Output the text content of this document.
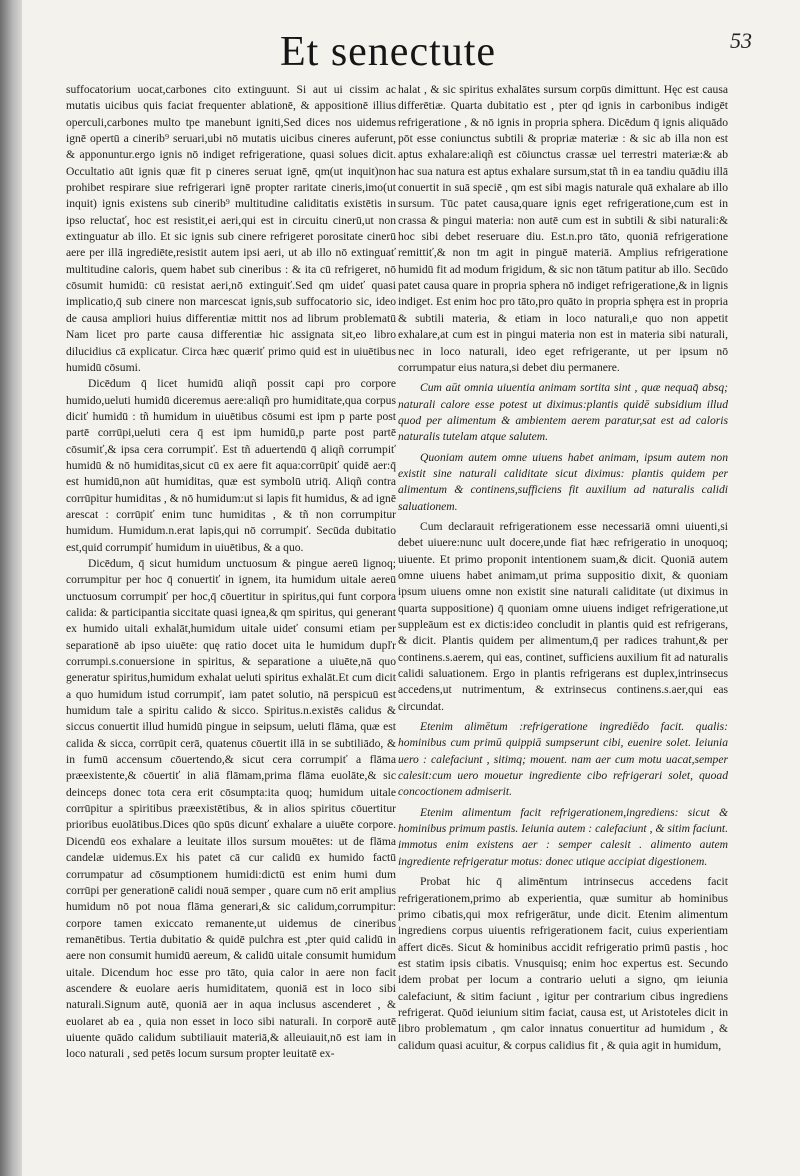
Et senectute	53

suffocatorium uocat,carbones cito extinguunt. Si aut ui cissim ac mutatis uicibus quis faciat frequenter ablationē, & appositionē illius operculi,carbones multo tpe manebunt igniti,Sed dices nos uidemus ignē opertū a cinerib⁹ seruari,ubi nō mutatis uicibus cineres auferunt, & apponuntur.ergo ignis nō indiget refrigeratione, quasi solues dicit. Occultatio aūt ignis quæ fit p cineres seruat ignē, qm(ut inquit)non prohibet respirare siue refrigerari ignē propter raritate cineris,imo(ut inquit) ignis existens sub cinerib⁹ multitudine caliditatis existētis in ipso reluctať, hoc est resistit,ei aeri,qui est in circuitu cinerū,ut non extinguatur ab illo. Et sic ignis sub cinere refrigeret porositate cinerū aere per illā ingrediēte,resistit autem ipsi aeri, ut ab illo nō extinguať multitudine caloris, quem habet sub cineribus : & ita cū refrigeret, nō cōsumit humidū: cū resistat aeri,nō extinguiť.Sed qm uideť quasi implicatio,q̄ sub cinere non marcescat ignis,sub suffocatorio sic, ideo de causa ampliori huius differentiæ mittit nos ad librum problematū Nam licet pro parte causa differentiæ hic assignata sit,eo libro dilucidius cā explicatur. Circa hæc quæriť primo quid est in uiuētibus humidū cōsumi.

Dicēdum q̄ licet humidū aliqñ possit capi pro corpore humido,ueluti humidū diceremus aere:aliqñ pro humiditate,qua corpus diciť humidū : tñ humidum in uiuētibus cōsumi est ipm p parte post partē corrūpi,ueluti cera q̄ est ipm humidū,p parte post partē cōsumiť,& ipsa cera corrumpiť. Est tñ aduertendū q̄ aliqñ corrumpiť humidū & nō humiditas,sicut cū ex aere fit aqua:corrūpiť quidē aer:q̄ est humidū,non aūt humiditas, quæ est symbolū utriq̄. Aliqñ contra corrūpitur humiditas , & nō humidum:ut si lapis fit humidus, & ad ignē arescat : corrūpiť enim tunc humiditas , & tñ non corrumpitur humidum. Humidum.n.erat lapis,qui nō corrumpiť. Secūda dubitatio est,quid corrumpiť humidum in uiuētibus, & a quo.

Dicēdum, q̄ sicut humidum unctuosum & pingue aereū lignoq; corrumpitur per hoc q̄ conuertiť in ignem, ita humidum uitale aereū unctuosum corrumpiť per hoc,q̄ cōuertitur in spiritus,qui funt corpora calida: & participantia siccitate quasi ignea,& qm spiritus, qui generant ex humido uitali exhalāt,humidum uitale uideť consumi etiam per separationē ab ipso uiuēte: quę ratio docet uita le humidum dupľr corrumpi.s.conuersione in spiritus, & separatione a uiuēte,nā quo generatur spiritus,humidum exhalat ueluti spiritus exhalāt.Et cum dicit a quo humidum istud corrumpiť, iam patet solutio, nā perspicuū est humidum tale a spiritu calido & sicco. Spiritus.n.existēs calidus & siccus conuertit illud humidū pingue in seipsum, ueluti flāma, quæ est calida & sicca, corrūpit cerā, quatenus cōuertit illā in se subtiliādo, & in fumū accensum cōuertendo,& sicut cera corrumpiť a flāma præexistente,& cōuertiť in aliā flāmam,prima flāma euolāte,& sic deinceps donec tota cera erit cōsumpta:ita quoq; humidum uitale corrūpitur a spiritibus præexistētibus, & in alios spiritus cōuertitur prioribus euolātibus.Dices qūo spūs dicunť exhalare a uiuēte corpore. Dicendū eos exhalare a leuitate illos sursum mouētes: ut de flāma candelæ uidemus.Ex his patet cā cur calidū ex humido factū corrumpatur ad cōsumptionem humidi:dictū est enim humi dum corrūpi per generationē calidi nouā semper , quare cum nō erit amplius humidum nō pot noua flāma generari,& sic calidum,corrumpitur: corpore tamen exiccato remanente,ut uidemus de cineribus remanētibus. Tertia dubitatio & quidē pulchra est ,pter quid calidū in aere non consumit humidū aereum, & calidū uitale consumit humidum uitale. Dicendum hoc esse pro tāto, quia calor in aere non facit ascendere & euolare aeris humiditatem, quoniā est in loco sibi naturali.Signum autē, quoniā aer in aqua inclusus ascenderet , & euolaret ab ea , quia non esset in loco sibi naturali. In corporē autē uiuente quādo calidum subtiliauit materiā,& alleuiauit,nō est iam in loco naturali , sed petēs locum sursum propter leuitatē ex-

halat , & sic spiritus exhalātes sursum corpūs dimittunt. Hęc est causa differētiæ. Quarta dubitatio est , pter qd ignis in carbonibus indigēt refrigeratione , & nō ignis in propria sphera. Dicēdum q̄ ignis aliquādo pōt esse coniunctus subtili & propriæ materiæ : & sic ab illa non est aptus exhalare:aliqñ est cōiunctus crassæ uel terrestri materiæ:& ab hac sua natura est aptus exhalare sursum,stat tñ in ea tandiu quādiu illā conuertit in suā speciē , qm est sibi magis naturale quā exhalare ab illo sursum. Tūc patet causa,quare ignis eget refrigeratione,cum est in crassa & pingui materia: non autē cum est in subtili & sibi naturali:& hoc sibi debet reseruare diu. Est.n.pro tāto, quoniā refrigeratione remittiť,& non tm agit in pinguē materiā. Amplius refrigeratione humidū fit ad modum frigidum, & sic non tātum patitur ab illo. Secūdo patet causa quare in propria sphera nō indiget refrigeratione,& in lignis indiget. Est enim hoc pro tāto,pro quāto in propria sphęra est in propria & subtili materia, & etiam in loco naturali,e quo non appetit exhalare,at cum est in pingui materia non est in materia sibi naturali, nec in loco naturali, ideo eget refrigerante, ut per ipsum nō corrumpatur eius natura,si debet diu permanere.

Cum aūt omnia uiuentia animam sortita sint , quæ nequaq̄ absq; naturali calore esse potest ut diximus:plantis quidē subsidium illud quod per alimentum & ambientem aerem paratur,sat est ad caloris naturalis tutelam atque salutem.

Quoniam autem omne uiuens habet animam, ipsum autem non existit sine naturali caliditate sicut diximus: plantis quidem per alimentum & continens,sufficiens fit auxilium ad naturalis calidi saluationem.

Cum declarauit refrigerationem esse necessariā omni uiuenti,si debet uiuere:nunc uult docere,unde fiat hæc refrigeratio in unoquoq; uiuente. Et primo proponit intentionem suam,& dicit. Quoniā autem omne uiuens habet animam,ut prima suppositio dixit, & quoniam ipsum uiuens omne non existit sine naturali caliditate (ut diximus in quarta suppositione) q̄ quoniam omne uiuens indiget refrigeratione,ut suppleāum est ex dictis:ideo concludit in plantis quid est refrigerans, & dicit. Plantis quidem per alimentum,q̄ per radices trahunt,& per continens.s.aerem, qui eas, continet, sufficiens auxilium fit ad naturalis calidi saluationem. Ergo in plantis refrigerans est duplex,intrinsecus accedens,ut nutrimentum, & extrinsecus continens.s.aer,qui eas circundat.

Etenim alimētum :refrigeratione ingrediēdo facit. qualis: hominibus cum primū quippiā sumpserunt cibi, euenire solet. Ieiunia uero : calefaciunt , sitimq; mouent. nam aer cum motu uacat,semper calesit:cum uero mouetur ingrediente cibo refrigerari solet, quoad concoctionem admiserit.

Etenim alimentum facit refrigerationem,ingrediens: sicut & hominibus primum pastis. Ieiunia autem : calefaciunt , & sitim faciunt. immotus enim existens aer : semper calesit . alimento autem ingrediente refrigeratur motus: donec utique accipiat digestionem.

Probat hic q̄ alimēntum intrinsecus accedens facit refrigerationem,primo ab experientia, quæ sumitur ab hominibus primo cibatis,qui mox refrigerātur, unde dicit. Etenim alimentum ingrediens corpus uiuentis refrigerationem facit, cuius experientiam affert dicēs. Sicut & hominibus accidit refrigeratio primū pastis , hoc est statim ipsis cibatis. Vnusquisq; enim hoc expertus est. Secundo idem probat per locum a contrario ueluti a signo, qm ieiunia calefaciunt, & sitim faciunt , igitur per contrarium cibus ingrediens refrigerat. Quōd ieiunium sitim faciat, causa est, ut Aristoteles dicit in libro problematum , qm calor innatus conuertitur ad humidum , & calidum quasi acuitur, & corpus calidius fit , & quia agit in humidum,
